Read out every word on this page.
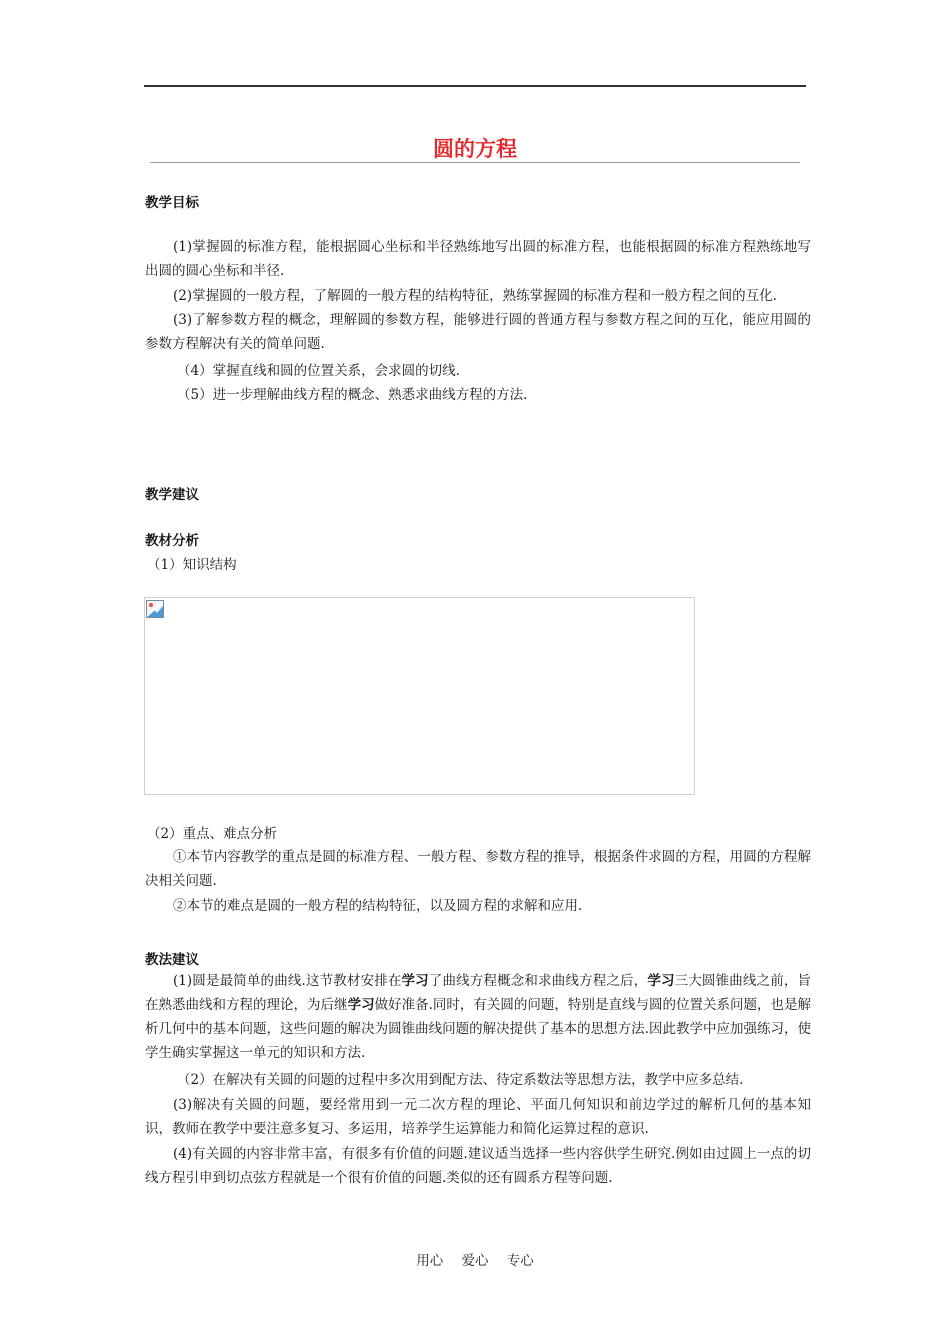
圆的方程
教学目标

(1)掌握圆的标准方程，能根据圆心坐标和半径熟练地写出圆的标准方程，也能根据圆的标准方程熟练地写出圆的圆心坐标和半径.

(2)掌握圆的一般方程，了解圆的一般方程的结构特征，熟练掌握圆的标准方程和一般方程之间的互化.

(3)了解参数方程的概念，理解圆的参数方程，能够进行圆的普通方程与参数方程之间的互化，能应用圆的参数方程解决有关的简单问题.

（4）掌握直线和圆的位置关系，会求圆的切线.

（5）进一步理解曲线方程的概念、熟悉求曲线方程的方法.

教学建议
教材分析
（1）知识结构
（2）重点、难点分析

①本节内容教学的重点是圆的标准方程、一般方程、参数方程的推导，根据条件求圆的方程，用圆的方程解决相关问题.

②本节的难点是圆的一般方程的结构特征，以及圆方程的求解和应用.

教法建议

(1)圆是最简单的曲线.这节教材安排在学习了曲线方程概念和求曲线方程之后，学习三大圆锥曲线之前，旨在熟悉曲线和方程的理论，为后继学习做好准备.同时，有关圆的问题，特别是直线与圆的位置关系问题，也是解析几何中的基本问题，这些问题的解决为圆锥曲线问题的解决提供了基本的思想方法.因此教学中应加强练习，使学生确实掌握这一单元的知识和方法.

（2）在解决有关圆的问题的过程中多次用到配方法、待定系数法等思想方法，教学中应多总结.

(3)解决有关圆的问题，要经常用到一元二次方程的理论、平面几何知识和前边学过的解析几何的基本知识，教师在教学中要注意多复习、多运用，培养学生运算能力和简化运算过程的意识.

(4)有关圆的内容非常丰富，有很多有价值的问题.建议适当选择一些内容供学生研究.例如由过圆上一点的切线方程引申到切点弦方程就是一个很有价值的问题.类似的还有圆系方程等问题.

用心 爱心 专心
